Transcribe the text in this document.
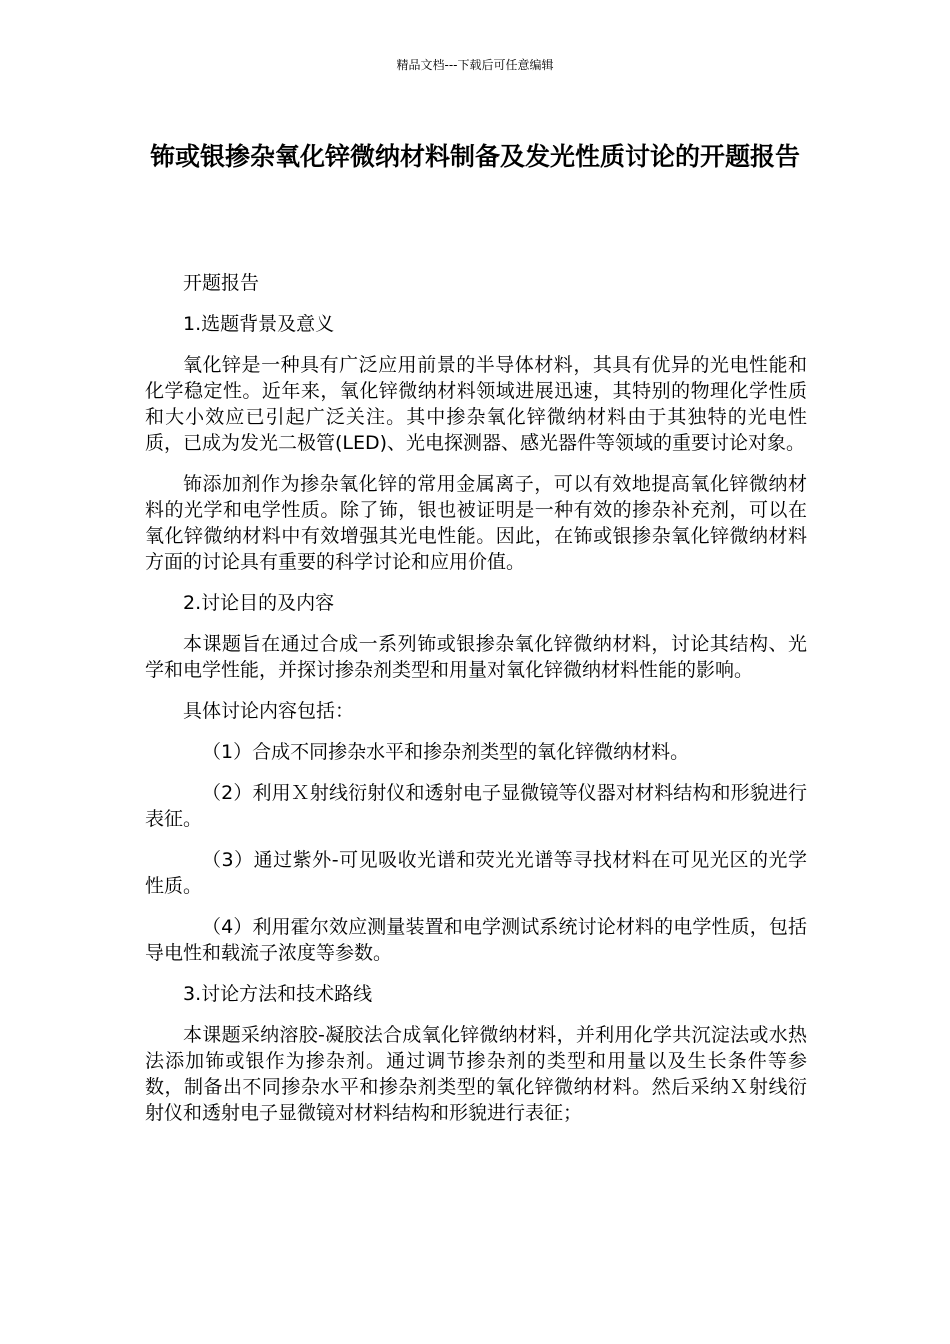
精品文档---下载后可任意编辑
钸或银掺杂氧化锌微纳材料制备及发光性质讨论的开题报告

开题报告

1.选题背景及意义

氧化锌是一种具有广泛应用前景的半导体材料，其具有优异的光电性能和化学稳定性。近年来，氧化锌微纳材料领域进展迅速，其特别的物理化学性质和大小效应已引起广泛关注。其中掺杂氧化锌微纳材料由于其独特的光电性质，已成为发光二极管(LED)、光电探测器、感光器件等领域的重要讨论对象。

钸添加剂作为掺杂氧化锌的常用金属离子，可以有效地提高氧化锌微纳材料的光学和电学性质。除了钸，银也被证明是一种有效的掺杂补充剂，可以在氧化锌微纳材料中有效增强其光电性能。因此，在钸或银掺杂氧化锌微纳材料方面的讨论具有重要的科学讨论和应用价值。

2.讨论目的及内容

本课题旨在通过合成一系列钸或银掺杂氧化锌微纳材料，讨论其结构、光学和电学性能，并探讨掺杂剂类型和用量对氧化锌微纳材料性能的影响。

具体讨论内容包括：

（1）合成不同掺杂水平和掺杂剂类型的氧化锌微纳材料。

（2）利用Ｘ射线衍射仪和透射电子显微镜等仪器对材料结构和形貌进行表征。

（3）通过紫外-可见吸收光谱和荧光光谱等寻找材料在可见光区的光学性质。

（4）利用霍尔效应测量装置和电学测试系统讨论材料的电学性质，包括导电性和载流子浓度等参数。

3.讨论方法和技术路线

本课题采纳溶胶-凝胶法合成氧化锌微纳材料，并利用化学共沉淀法或水热法添加钸或银作为掺杂剂。通过调节掺杂剂的类型和用量以及生长条件等参数，制备出不同掺杂水平和掺杂剂类型的氧化锌微纳材料。然后采纳Ｘ射线衍射仪和透射电子显微镜对材料结构和形貌进行表征；
